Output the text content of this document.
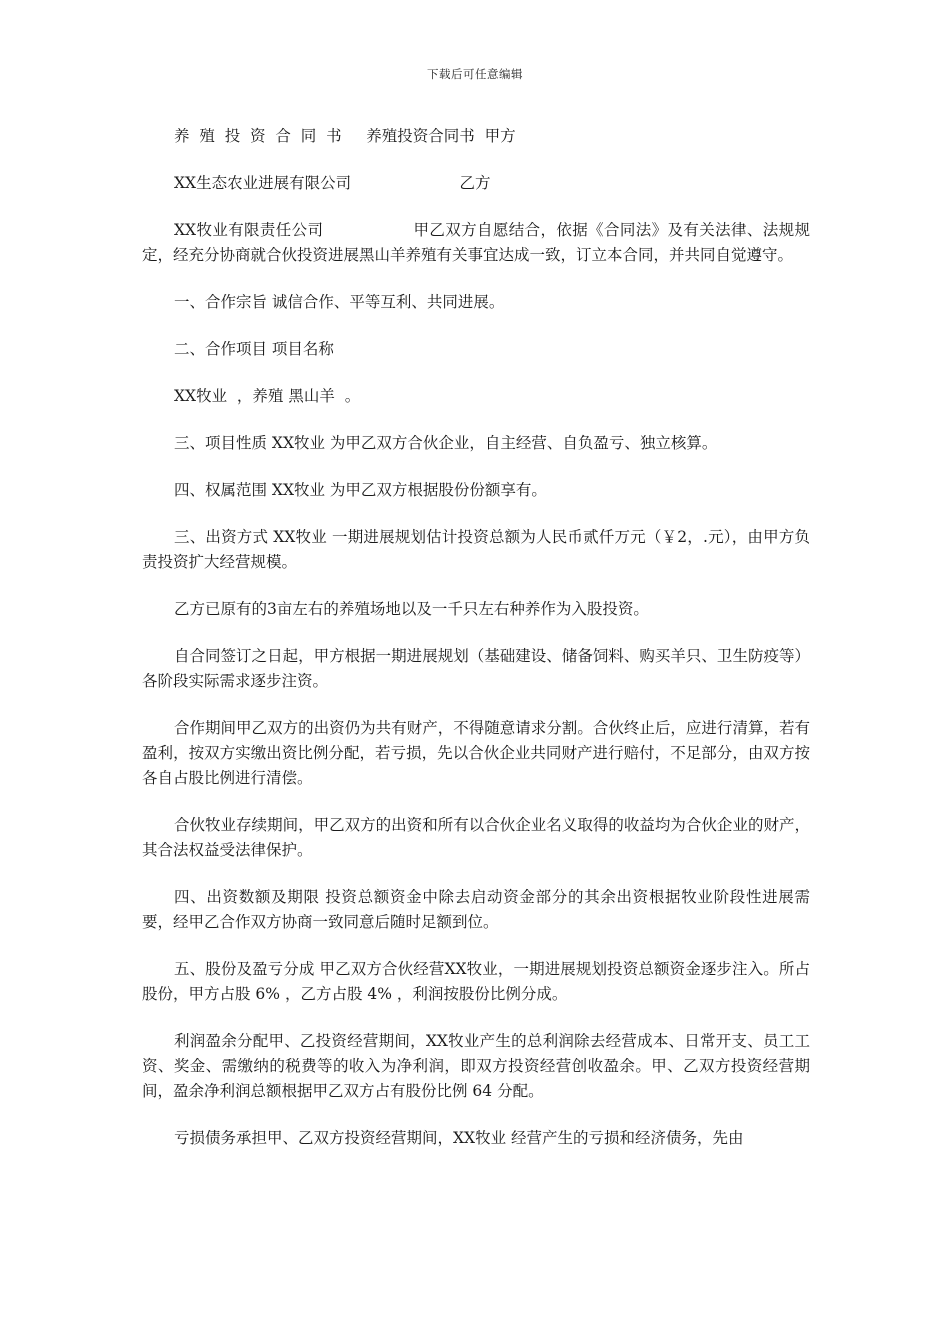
下载后可任意编辑

养  殖  投  资  合  同  书     养殖投资合同书  甲方

XX生态农业进展有限公司                      乙方

XX牧业有限责任公司                 甲乙双方自愿结合，依据《合同法》及有关法律、法规规定，经充分协商就合伙投资进展黑山羊养殖有关事宜达成一致，订立本合同，并共同自觉遵守。

一、合作宗旨 诚信合作、平等互利、共同进展。

二、合作项目 项目名称

XX牧业  ，养殖 黑山羊  。

三、项目性质 XX牧业 为甲乙双方合伙企业，自主经营、自负盈亏、独立核算。

四、权属范围 XX牧业 为甲乙双方根据股份份额享有。

三、出资方式 XX牧业 一期进展规划估计投资总额为人民币贰仟万元（￥2，.元），由甲方负责投资扩大经营规模。

乙方已原有的3亩左右的养殖场地以及一千只左右种养作为入股投资。

自合同签订之日起，甲方根据一期进展规划（基础建设、储备饲料、购买羊只、卫生防疫等）各阶段实际需求逐步注资。

合作期间甲乙双方的出资仍为共有财产，不得随意请求分割。合伙终止后，应进行清算，若有盈利，按双方实缴出资比例分配，若亏损，先以合伙企业共同财产进行赔付，不足部分，由双方按各自占股比例进行清偿。

合伙牧业存续期间，甲乙双方的出资和所有以合伙企业名义取得的收益均为合伙企业的财产，其合法权益受法律保护。

四、出资数额及期限 投资总额资金中除去启动资金部分的其余出资根据牧业阶段性进展需要，经甲乙合作双方协商一致同意后随时足额到位。

五、股份及盈亏分成 甲乙双方合伙经营XX牧业，一期进展规划投资总额资金逐步注入。所占股份，甲方占股 6% ，乙方占股 4% ，利润按股份比例分成。

利润盈余分配甲、乙投资经营期间，XX牧业产生的总利润除去经营成本、日常开支、员工工资、奖金、需缴纳的税费等的收入为净利润，即双方投资经营创收盈余。甲、乙双方投资经营期间，盈余净利润总额根据甲乙双方占有股份比例 64 分配。

亏损债务承担甲、乙双方投资经营期间，XX牧业 经营产生的亏损和经济债务，先由
